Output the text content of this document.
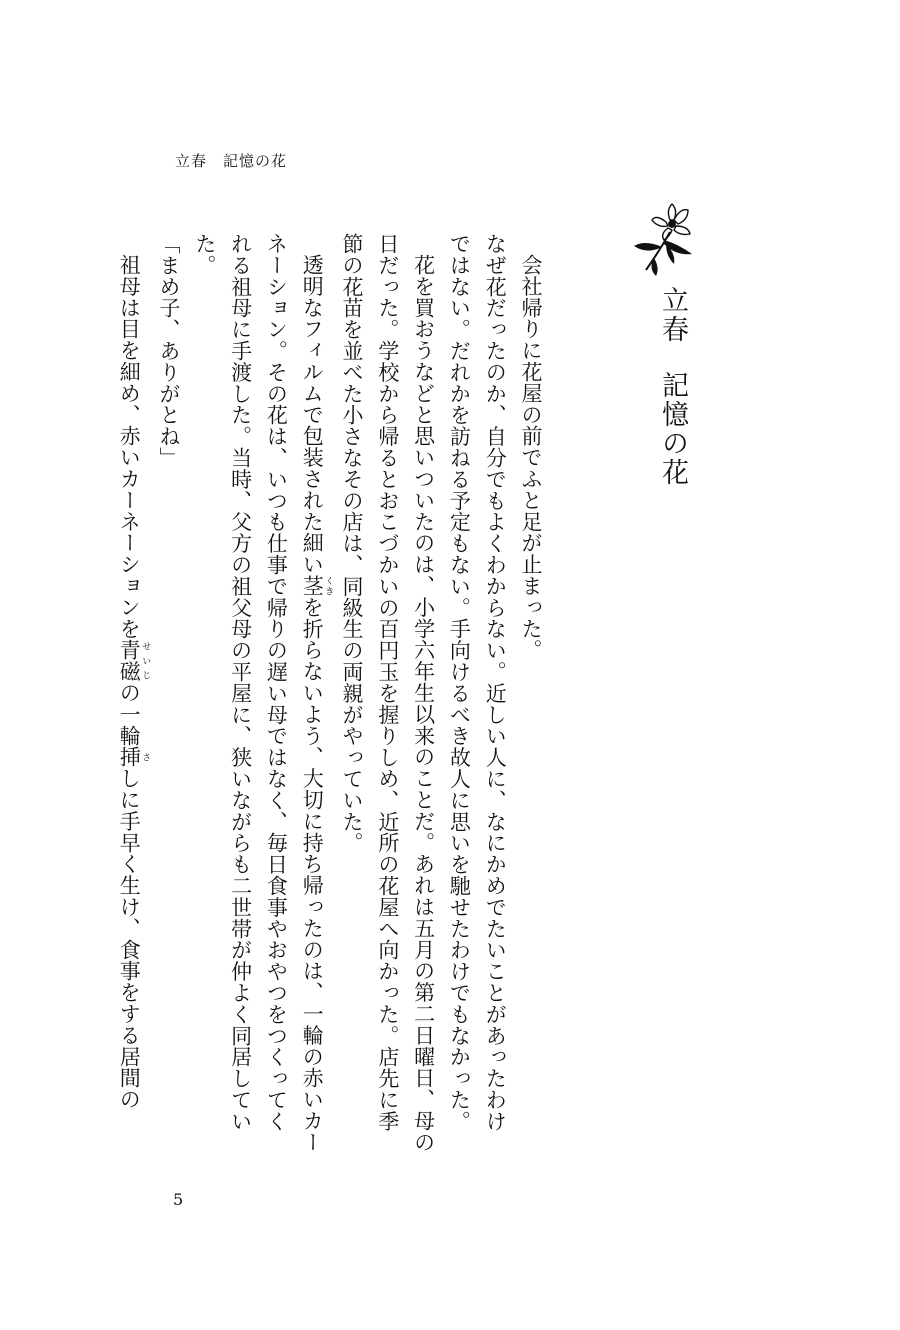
立春　記憶の花
立春記憶の花

会社帰りに花屋の前でふと足が止まった。

なぜ花だったのか、自分でもよくわからない。近しい人に、なにかめでたいことがあったわけではない。だれかを訪ねる予定もない。手向けるべき故人に思いを馳せたわけでもなかった。

花を買おうなどと思いついたのは、小学六年生以来のことだ。あれは五月の第二日曜日、母の日だった。学校から帰るとおこづかいの百円玉を握りしめ、近所の花屋へ向かった。店先に季節の花苗を並べた小さなその店は、同級生の両親がやっていた。

透明なフィルムで包装された細い茎 くきを折らないよう、大切に持ち帰ったのは、一輪の赤いカーネーション。その花は、いつも仕事で帰りの遅い母ではなく、毎日食事やおやつをつくってくれる祖母に手渡した。当時、父方の祖父母の平屋に、狭いながらも二世帯が仲よく同居していた。

「まめ子、ありがとね」

祖母は目を細め、赤いカーネーションを青磁 せいじの一輪挿 さしに手早く生け、食事をする居間の

5
